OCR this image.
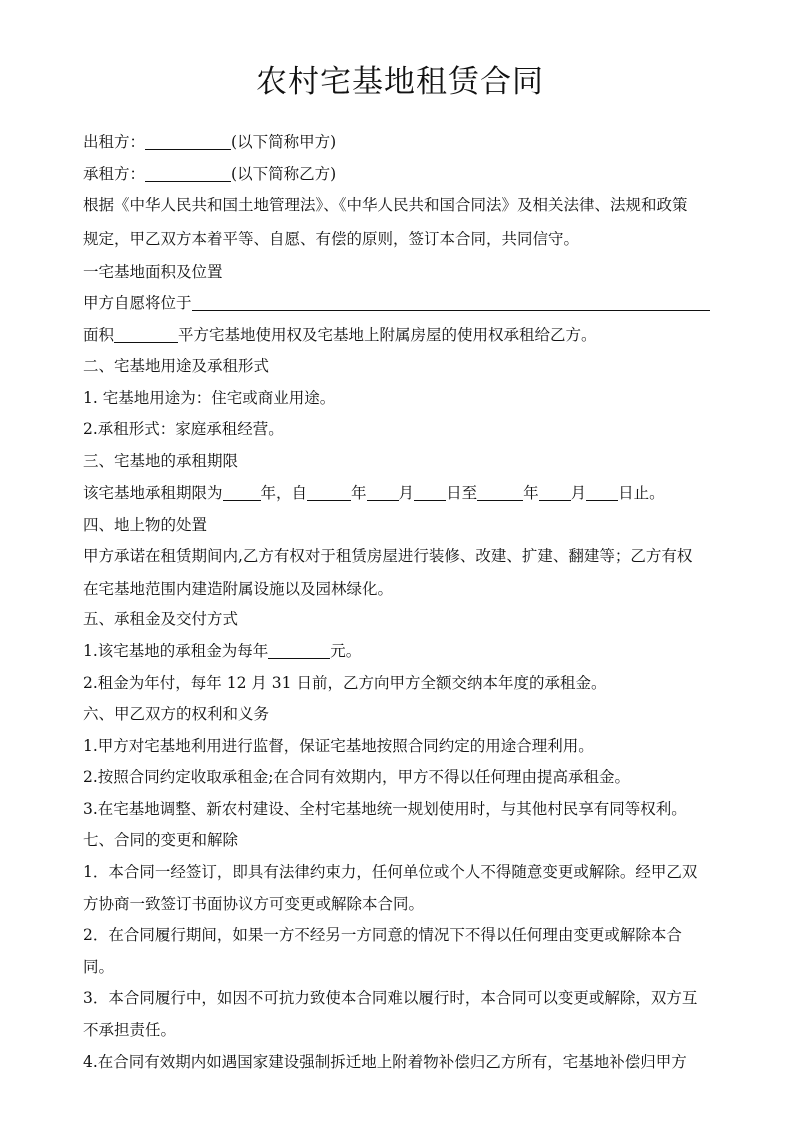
农村宅基地租赁合同
出租方：	(以下简称甲方)
承租方：	(以下简称乙方)
根据《中华人民共和国土地管理法》、《中华人民共和国合同法》及相关法律、法规和政策
规定，甲乙双方本着平等、自愿、有偿的原则，签订本合同，共同信守。
一宅基地面积及位置
甲方自愿将位于
面积	平方宅基地使用权及宅基地上附属房屋的使用权承租给乙方。
二、宅基地用途及承租形式
1. 宅基地用途为：住宅或商业用途。
2.承租形式：家庭承租经营。
三、宅基地的承租期限
该宅基地承租期限为 年，自	年 月 日至	年 月 日止。
四、地上物的处置
甲方承诺在租赁期间内,乙方有权对于租赁房屋进行装修、改建、扩建、翻建等；乙方有权
在宅基地范围内建造附属设施以及园林绿化。
五、承租金及交付方式
1.该宅基地的承租金为每年	元。
2.租金为年付，每年 12 月 31 日前，乙方向甲方全额交纳本年度的承租金。
六、甲乙双方的权利和义务
1.甲方对宅基地利用进行监督，保证宅基地按照合同约定的用途合理利用。
2.按照合同约定收取承租金;在合同有效期内，甲方不得以任何理由提高承租金。
3.在宅基地调整、新农村建设、全村宅基地统一规划使用时，与其他村民享有同等权利。
七、合同的变更和解除
1．本合同一经签订，即具有法律约束力，任何单位或个人不得随意变更或解除。经甲乙双
方协商一致签订书面协议方可变更或解除本合同。
2．在合同履行期间，如果一方不经另一方同意的情况下不得以任何理由变更或解除本合
同。
3．本合同履行中，如因不可抗力致使本合同难以履行时，本合同可以变更或解除，双方互
不承担责任。
4.在合同有效期内如遇国家建设强制拆迁地上附着物补偿归乙方所有，宅基地补偿归甲方
